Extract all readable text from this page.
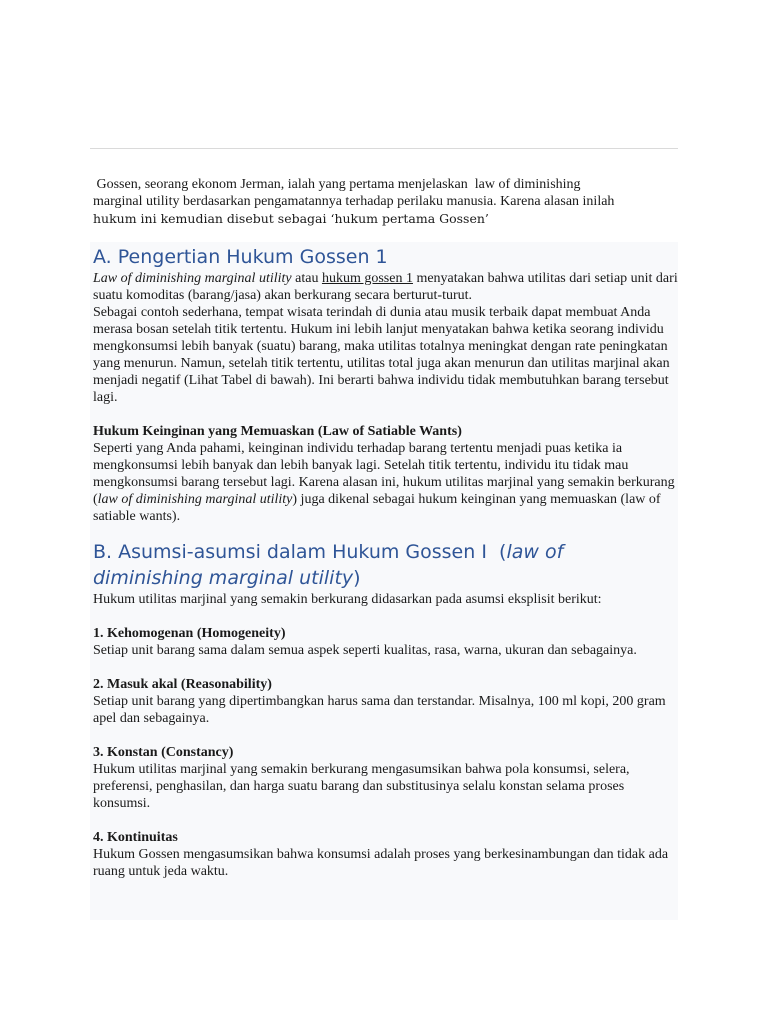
Gossen, seorang ekonom Jerman, ialah yang pertama menjelaskan  law of diminishing
marginal utility berdasarkan pengamatannya terhadap perilaku manusia. Karena alasan inilah
hukum ini kemudian disebut sebagai ‘hukum pertama Gossen’
A. Pengertian Hukum Gossen 1

Law of diminishing marginal utility atau hukum gossen 1 menyatakan bahwa utilitas dari setiap unit dari suatu komoditas (barang/jasa) akan berkurang secara berturut-turut.

Sebagai contoh sederhana, tempat wisata terindah di dunia atau musik terbaik dapat membuat Anda merasa bosan setelah titik tertentu. Hukum ini lebih lanjut menyatakan bahwa ketika seorang individu mengkonsumsi lebih banyak (suatu) barang, maka utilitas totalnya meningkat dengan rate peningkatan yang menurun. Namun, setelah titik tertentu, utilitas total juga akan menurun dan utilitas marjinal akan menjadi negatif (Lihat Tabel di bawah). Ini berarti bahwa individu tidak membutuhkan barang tersebut lagi.

Hukum Keinginan yang Memuaskan (Law of Satiable Wants)

Seperti yang Anda pahami, keinginan individu terhadap barang tertentu menjadi puas ketika ia mengkonsumsi lebih banyak dan lebih banyak lagi. Setelah titik tertentu, individu itu tidak mau mengkonsumsi barang tersebut lagi. Karena alasan ini, hukum utilitas marjinal yang semakin berkurang (law of diminishing marginal utility) juga dikenal sebagai hukum keinginan yang memuaskan (law of satiable wants).

B. Asumsi-asumsi dalam Hukum Gossen I  (law of diminishing marginal utility)

Hukum utilitas marjinal yang semakin berkurang didasarkan pada asumsi eksplisit berikut:

1. Kehomogenan (Homogeneity)

Setiap unit barang sama dalam semua aspek seperti kualitas, rasa, warna, ukuran dan sebagainya.

2. Masuk akal (Reasonability)

Setiap unit barang yang dipertimbangkan harus sama dan terstandar. Misalnya, 100 ml kopi, 200 gram apel dan sebagainya.

3. Konstan (Constancy)

Hukum utilitas marjinal yang semakin berkurang mengasumsikan bahwa pola konsumsi, selera, preferensi, penghasilan, dan harga suatu barang dan substitusinya selalu konstan selama proses konsumsi.

4. Kontinuitas

Hukum Gossen mengasumsikan bahwa konsumsi adalah proses yang berkesinambungan dan tidak ada ruang untuk jeda waktu.
